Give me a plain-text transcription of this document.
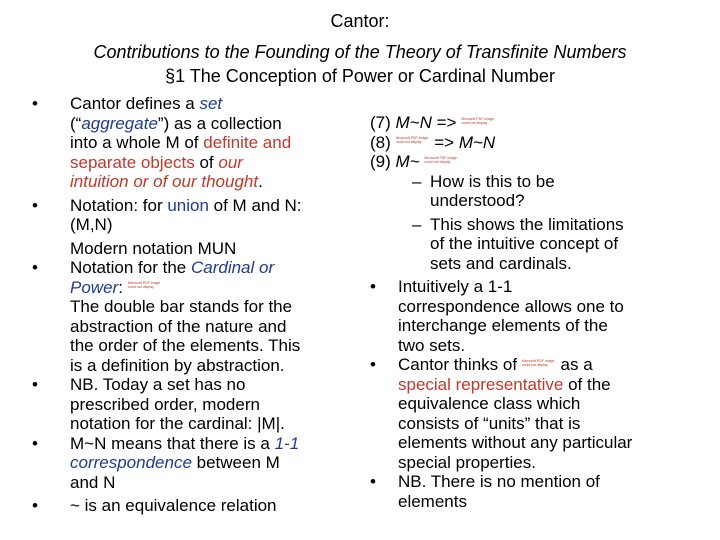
Cantor:
Contributions to the Founding of the Theory of Transfinite Numbers
§1 The Conception of Power or Cardinal Number
• Cantor defines a set
(“aggregate”) as a collection
into a whole M of definite and
separate objects of our
intuition or of our thought.
• Notation: for union of M and N:
(M,N)
Modern notation MUN
• Notation for the Cardinal or
Power: Microsoft PDF image could not display
The double bar stands for the
abstraction of the nature and
the order of the elements. This
is a definition by abstraction.
• NB. Today a set has no
prescribed order, modern
notation for the cardinal: |M|.
• M~N means that there is a 1-1
correspondence between M
and N
• ~ is an equivalence relation
(7) M~N => Microsoft PDF image could not display
(8) Microsoft PDF image could not display => M~N
(9) M~ Microsoft PDF image could not display
– How is this to be
understood?
– This shows the limitations
of the intuitive concept of
sets and cardinals.
• Intuitively a 1-1
correspondence allows one to
interchange elements of the
two sets.
• Cantor thinks of Microsoft PDF image could not display as a
special representative of the
equivalence class which
consists of “units” that is
elements without any particular
special properties.
• NB. There is no mention of
elements
